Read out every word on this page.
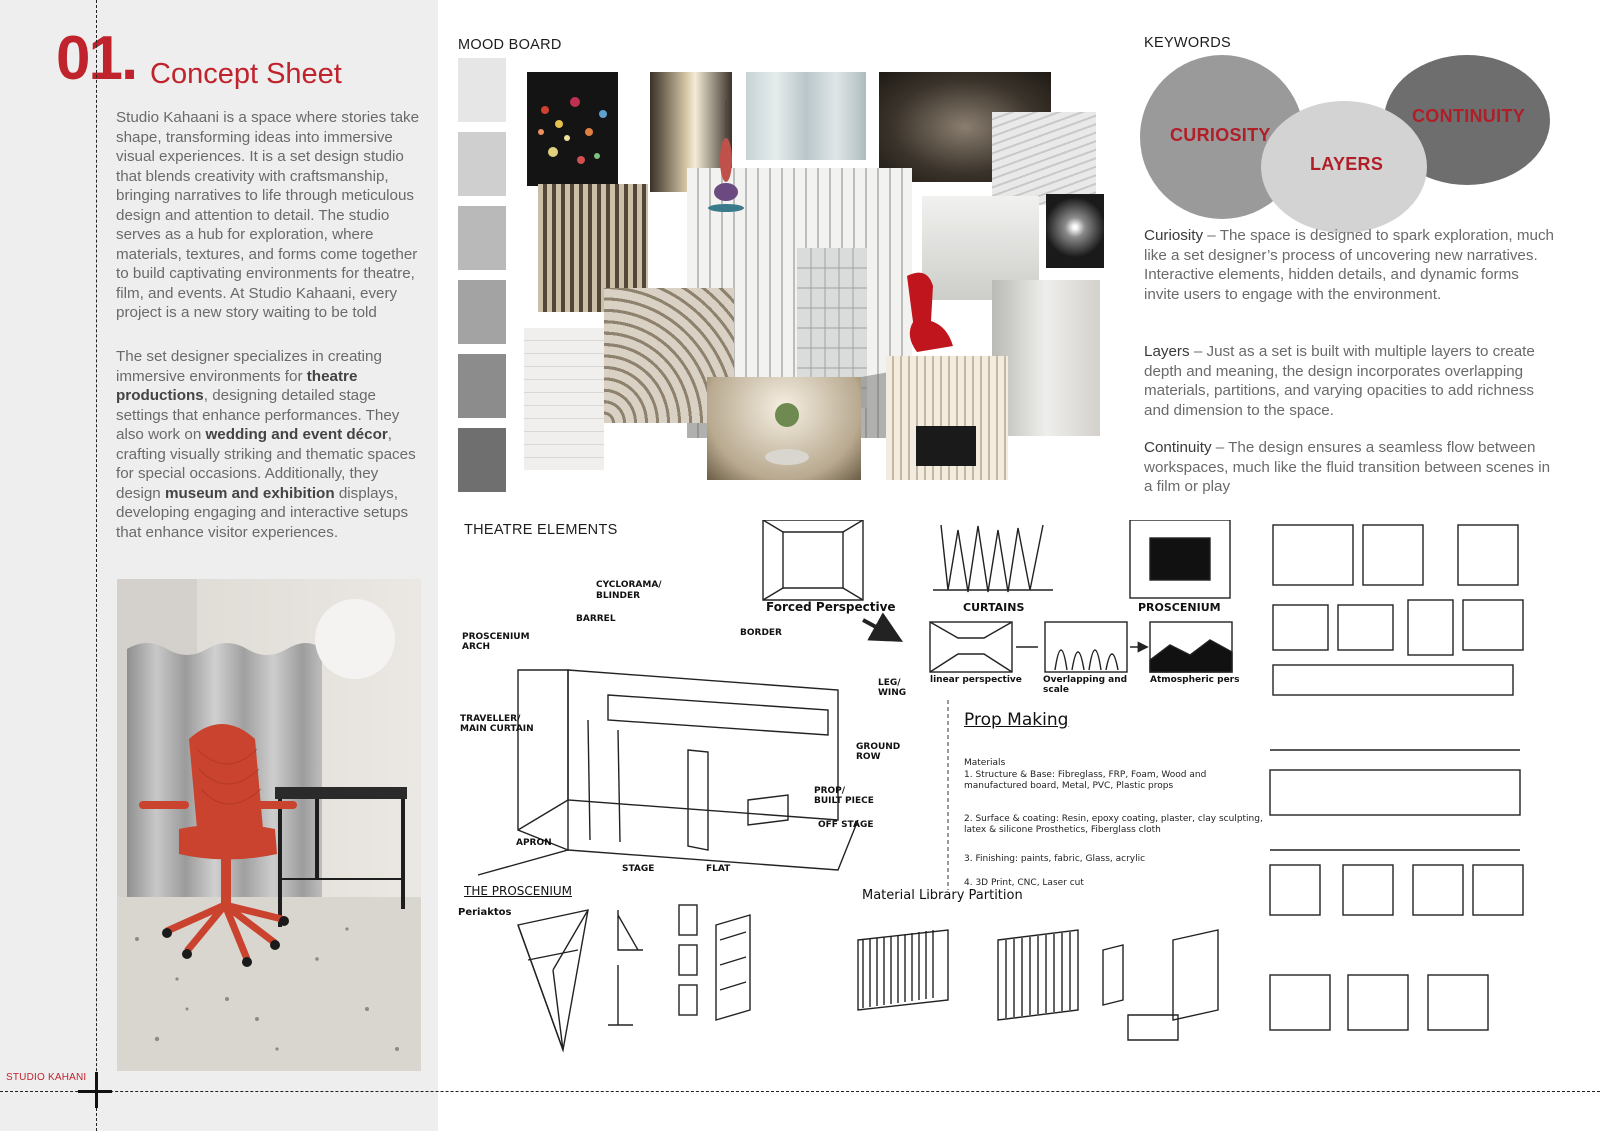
01. Concept Sheet

Studio Kahaani is a space where stories take shape, transforming ideas into immersive visual experiences. It is a set design studio that blends creativity with craftsmanship, bringing narratives to life through meticulous design and attention to detail. The studio serves as a hub for exploration, where materials, textures, and forms come together to build captivating environments for theatre, film, and events. At Studio Kahaani, every project is a new story waiting to be told

The set designer specializes in creating immersive environments for theatre productions, designing detailed stage settings that enhance performances. They also work on wedding and event décor, crafting visually striking and thematic spaces for special occasions. Additionally, they design museum and exhibition displays, developing engaging and interactive setups that enhance visitor experiences.

STUDIO KAHANI
MOOD BOARD	KEYWORDS
CURIOSITY
LAYERS
CONTINUITY

Curiosity – The space is designed to spark exploration, much like a set designer’s process of uncovering new narratives. Interactive elements, hidden details, and dynamic forms invite users to engage with the environment.

Layers – Just as a set is built with multiple layers to create depth and meaning, the design incorporates overlapping materials, partitions, and varying opacities to add richness and dimension to the space.

Continuity – The design ensures a seamless flow between workspaces, much like the fluid transition between scenes in a film or play

THEATRE ELEMENTS
Forced Perspective	CURTAINS	PROSCENIUM
linear perspective Overlapping and scale
Atmospheric pers
Prop Making
Materials
1. Structure & Base: Fibreglass, FRP, Foam, Wood and manufactured board, Metal, PVC, Plastic props
2. Surface & coating: Resin, epoxy coating, plaster, clay sculpting, latex & silicone Prosthetics, Fiberglass cloth
3. Finishing: paints, fabric, Glass, acrylic
4. 3D Print, CNC, Laser cut
CYCLORAMA/
BLINDER
BARREL
BORDER
PROSCENIUM ARCH
TRAVELLER/ MAIN CURTAIN
LEG/ WING
GROUND ROW
PROP/ BUILT PIECE
OFF STAGE
APRON
STAGE	FLAT
THE PROSCENIUM
Periaktos
Material Library Partition
